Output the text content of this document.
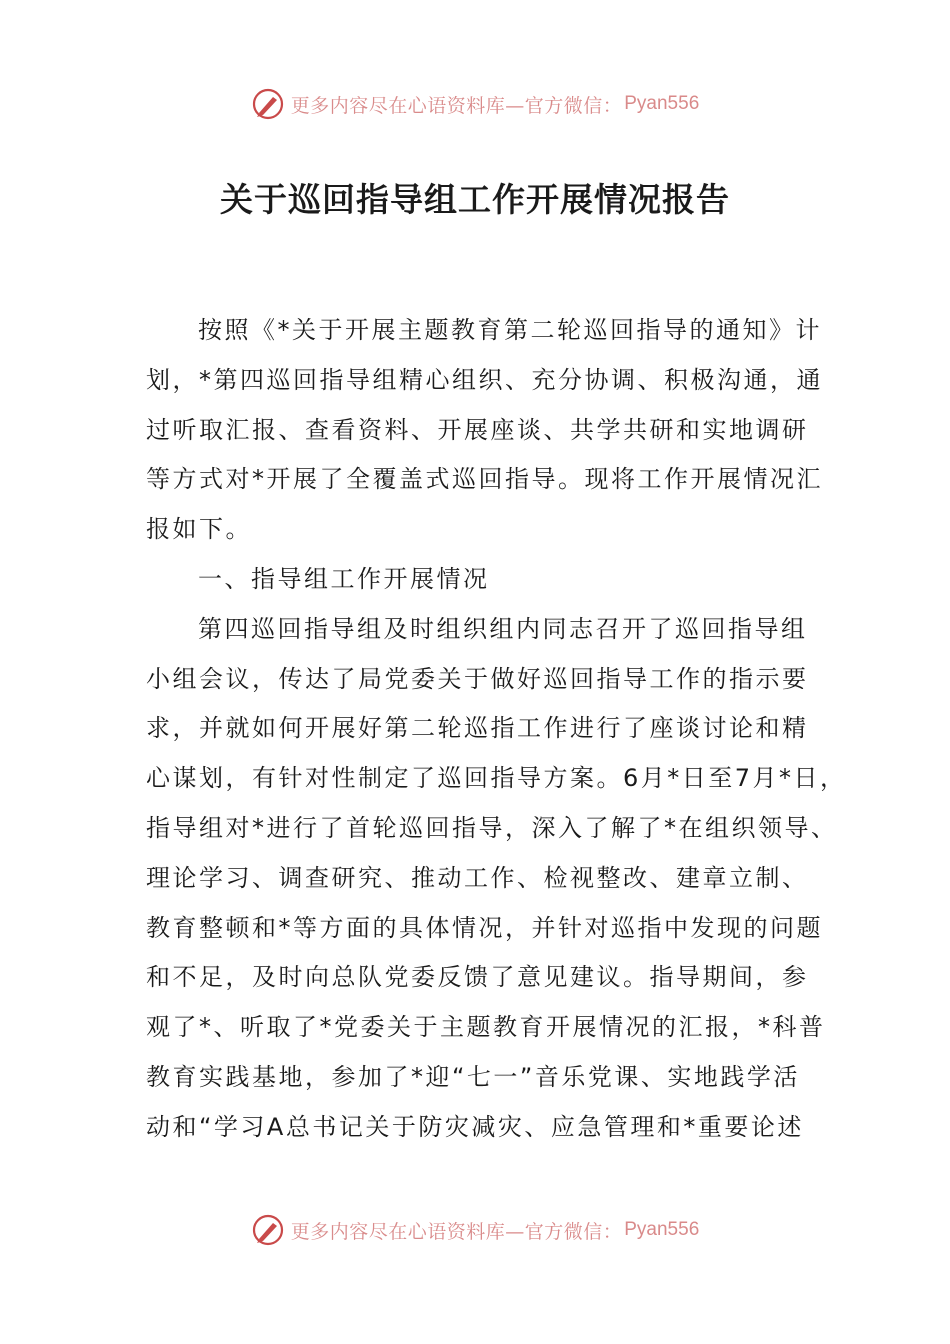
更多内容尽在心语资料库—官方微信： Pyan556
关于巡回指导组工作开展情况报告
按照《*关于开展主题教育第二轮巡回指导的通知》计
划，*第四巡回指导组精心组织、充分协调、积极沟通，通
过听取汇报、查看资料、开展座谈、共学共研和实地调研
等方式对*开展了全覆盖式巡回指导。现将工作开展情况汇
报如下。
一、指导组工作开展情况
第四巡回指导组及时组织组内同志召开了巡回指导组
小组会议，传达了局党委关于做好巡回指导工作的指示要
求，并就如何开展好第二轮巡指工作进行了座谈讨论和精
心谋划，有针对性制定了巡回指导方案。6月*日至7月*日，
指导组对*进行了首轮巡回指导，深入了解了*在组织领导、
理论学习、调查研究、推动工作、检视整改、建章立制、
教育整顿和*等方面的具体情况，并针对巡指中发现的问题
和不足，及时向总队党委反馈了意见建议。指导期间，参
观了*、听取了*党委关于主题教育开展情况的汇报，*科普
教育实践基地，参加了*迎“七一”音乐党课、实地践学活
动和“学习A总书记关于防灾减灾、应急管理和*重要论述
更多内容尽在心语资料库—官方微信： Pyan556
